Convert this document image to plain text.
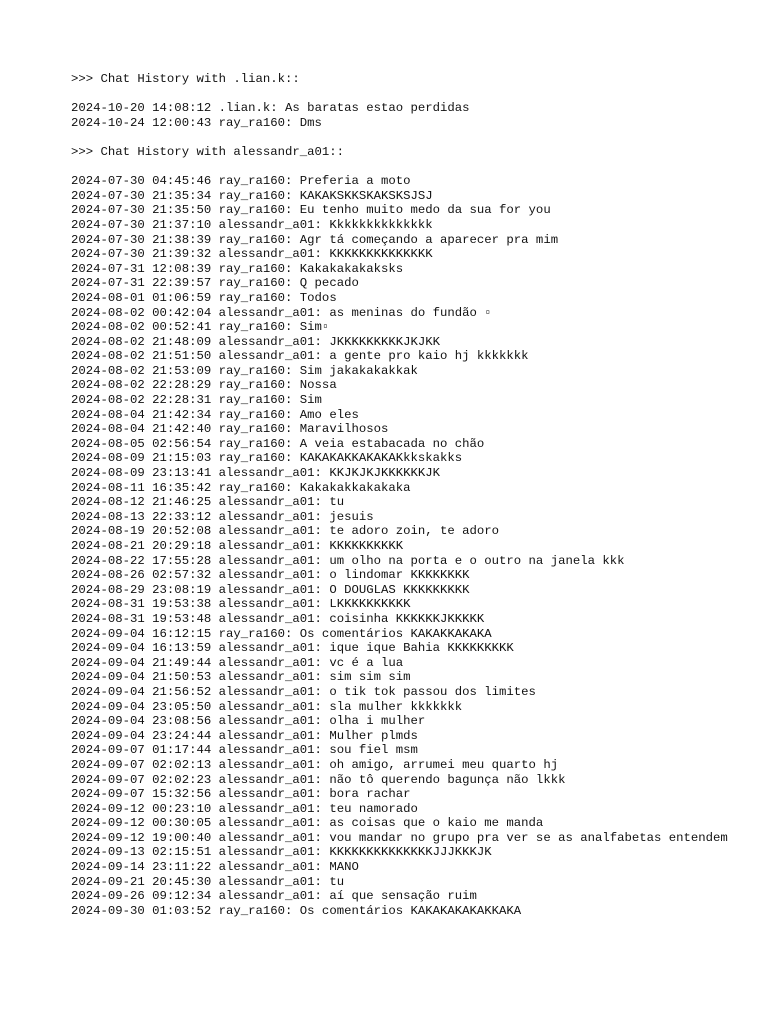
>>> Chat History with .lian.k::
2024-10-20 14:08:12 .lian.k: As baratas estao perdidas
2024-10-24 12:00:43 ray_ra160: Dms
>>> Chat History with alessandr_a01::
2024-07-30 04:45:46 ray_ra160: Preferia a moto
2024-07-30 21:35:34 ray_ra160: KAKAKSKKSKAKSKSJSJ
2024-07-30 21:35:50 ray_ra160: Eu tenho muito medo da sua for you
2024-07-30 21:37:10 alessandr_a01: Kkkkkkkkkkkkkk
2024-07-30 21:38:39 ray_ra160: Agr tá começando a aparecer pra mim
2024-07-30 21:39:32 alessandr_a01: KKKKKKKKKKKKKK
2024-07-31 12:08:39 ray_ra160: Kakakakakaksks
2024-07-31 22:39:57 ray_ra160: Q pecado
2024-08-01 01:06:59 ray_ra160: Todos
2024-08-02 00:42:04 alessandr_a01: as meninas do fundão ▫
2024-08-02 00:52:41 ray_ra160: Sim▫
2024-08-02 21:48:09 alessandr_a01: JKKKKKKKKKJKJKK
2024-08-02 21:51:50 alessandr_a01: a gente pro kaio hj kkkkkkk
2024-08-02 21:53:09 ray_ra160: Sim jakakakakkak
2024-08-02 22:28:29 ray_ra160: Nossa
2024-08-02 22:28:31 ray_ra160: Sim
2024-08-04 21:42:34 ray_ra160: Amo eles
2024-08-04 21:42:40 ray_ra160: Maravilhosos
2024-08-05 02:56:54 ray_ra160: A veia estabacada no chão
2024-08-09 21:15:03 ray_ra160: KAKAKAKKAKAKAKkkskakks
2024-08-09 23:13:41 alessandr_a01: KKJKJKJKKKKKKJK
2024-08-11 16:35:42 ray_ra160: Kakakakkakakaka
2024-08-12 21:46:25 alessandr_a01: tu
2024-08-13 22:33:12 alessandr_a01: jesuis
2024-08-19 20:52:08 alessandr_a01: te adoro zoin, te adoro
2024-08-21 20:29:18 alessandr_a01: KKKKKKKKKK
2024-08-22 17:55:28 alessandr_a01: um olho na porta e o outro na janela kkk
2024-08-26 02:57:32 alessandr_a01: o lindomar KKKKKKKK
2024-08-29 23:08:19 alessandr_a01: O DOUGLAS KKKKKKKKK
2024-08-31 19:53:38 alessandr_a01: LKKKKKKKKKK
2024-08-31 19:53:48 alessandr_a01: coisinha KKKKKKJKKKKK
2024-09-04 16:12:15 ray_ra160: Os comentários KAKAKKAKAKA
2024-09-04 16:13:59 alessandr_a01: ique ique Bahia KKKKKKKKK
2024-09-04 21:49:44 alessandr_a01: vc é a lua
2024-09-04 21:50:53 alessandr_a01: sim sim sim
2024-09-04 21:56:52 alessandr_a01: o tik tok passou dos limites
2024-09-04 23:05:50 alessandr_a01: sla mulher kkkkkkk
2024-09-04 23:08:56 alessandr_a01: olha i mulher
2024-09-04 23:24:44 alessandr_a01: Mulher plmds
2024-09-07 01:17:44 alessandr_a01: sou fiel msm
2024-09-07 02:02:13 alessandr_a01: oh amigo, arrumei meu quarto hj
2024-09-07 02:02:23 alessandr_a01: não tô querendo bagunça não lkkk
2024-09-07 15:32:56 alessandr_a01: bora rachar
2024-09-12 00:23:10 alessandr_a01: teu namorado
2024-09-12 00:30:05 alessandr_a01: as coisas que o kaio me manda
2024-09-12 19:00:40 alessandr_a01: vou mandar no grupo pra ver se as analfabetas entendem
2024-09-13 02:15:51 alessandr_a01: KKKKKKKKKKKKKKJJJKKKJK
2024-09-14 23:11:22 alessandr_a01: MANO
2024-09-21 20:45:30 alessandr_a01: tu
2024-09-26 09:12:34 alessandr_a01: aí que sensação ruim
2024-09-30 01:03:52 ray_ra160: Os comentários KAKAKAKAKAKKAKA
